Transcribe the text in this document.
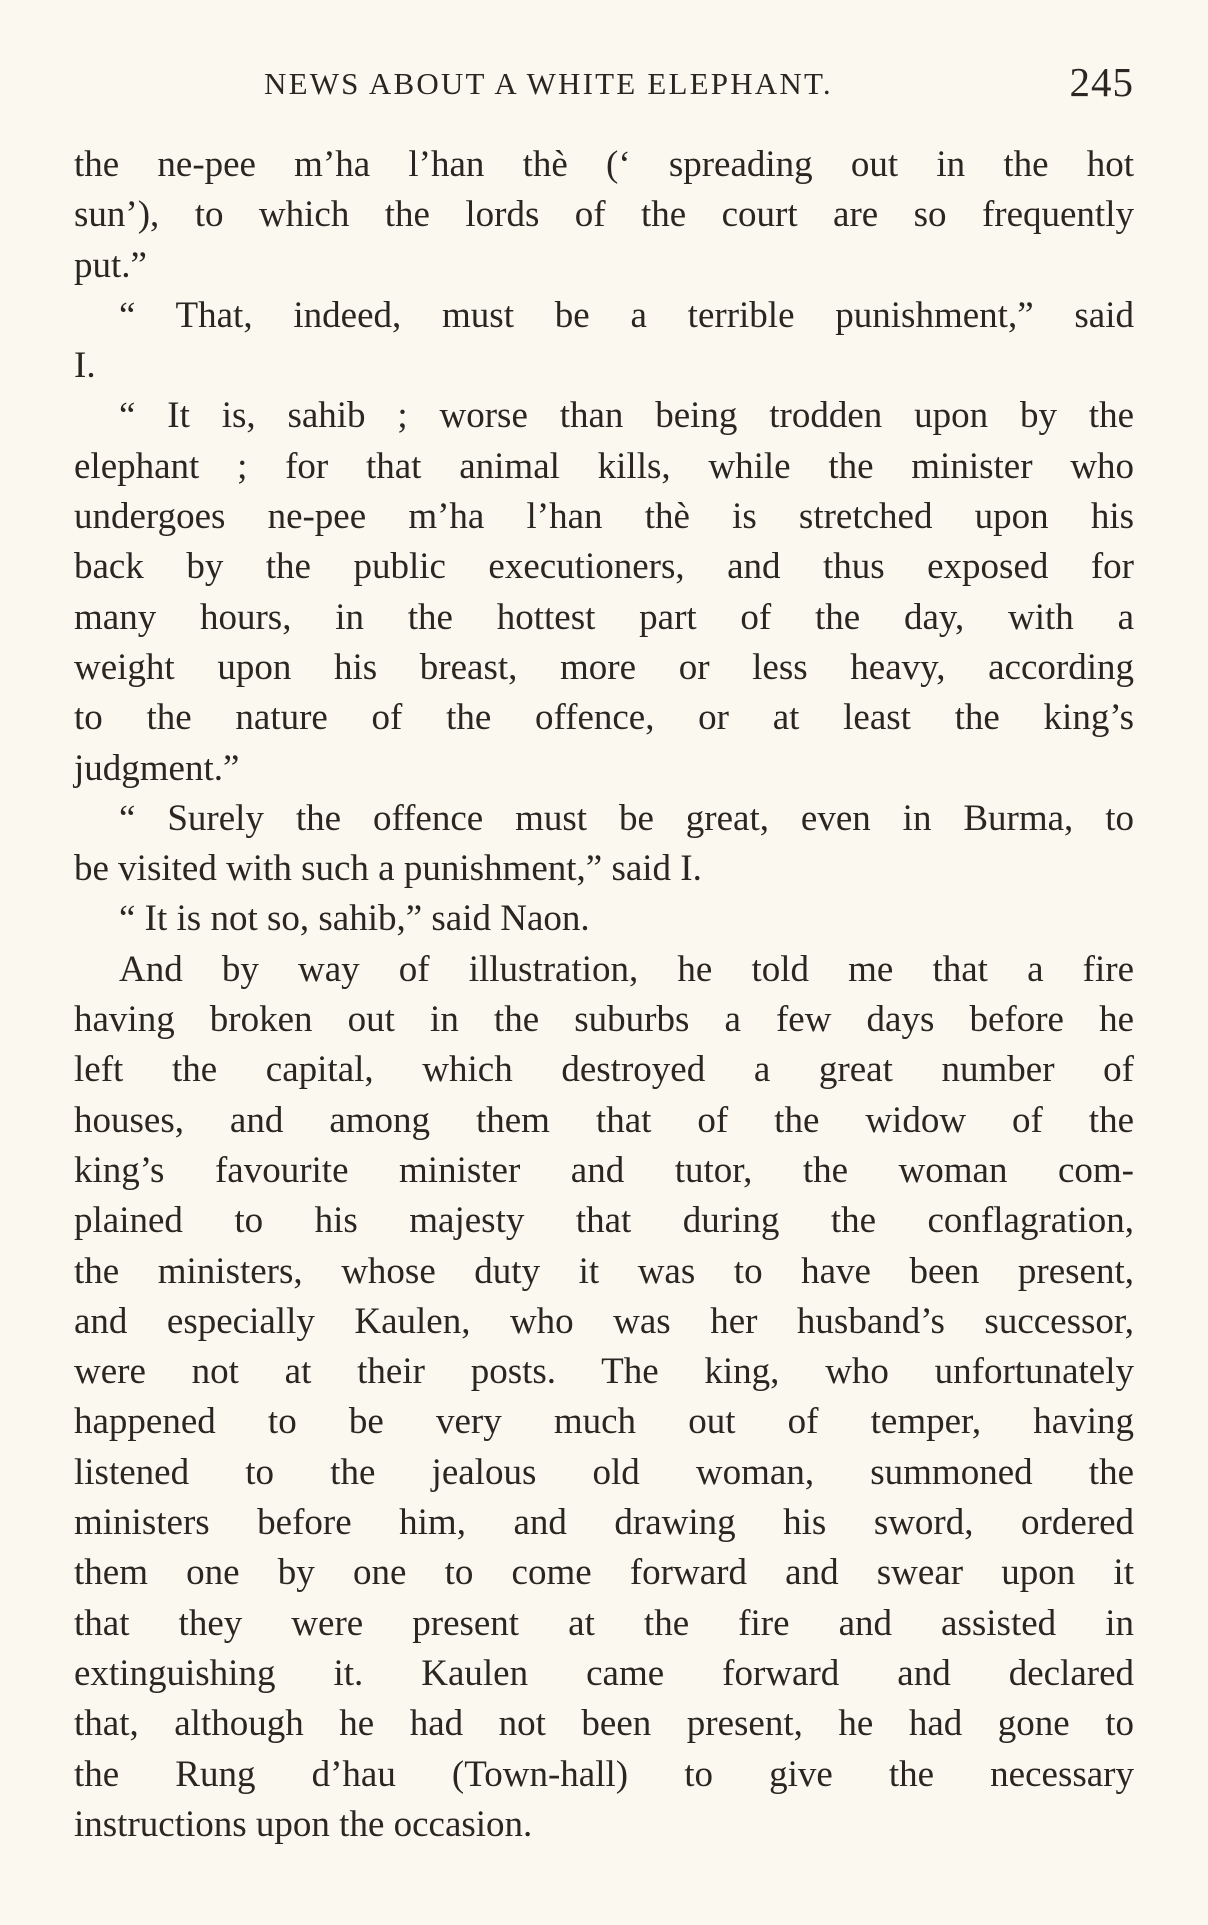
NEWS ABOUT A WHITE ELEPHANT.	245
the ne-pee m’ha l’han thè (‘ spreading out in the hot
sun’), to which the lords of the court are so frequently
put.”
“ That, indeed, must be a terrible punishment,” said
I.
“ It is, sahib ; worse than being trodden upon by the
elephant ; for that animal kills, while the minister who
undergoes ne-pee m’ha l’han thè is stretched upon his
back by the public executioners, and thus exposed for
many hours, in the hottest part of the day, with a
weight upon his breast, more or less heavy, according
to the nature of the offence, or at least the king’s
judgment.”
“ Surely the offence must be great, even in Burma, to
be visited with such a punishment,” said I.
“ It is not so, sahib,” said Naon.
And by way of illustration, he told me that a fire
having broken out in the suburbs a few days before he
left the capital, which destroyed a great number of
houses, and among them that of the widow of the
king’s favourite minister and tutor, the woman com-
plained to his majesty that during the conflagration,
the ministers, whose duty it was to have been present,
and especially Kaulen, who was her husband’s successor,
were not at their posts. The king, who unfortunately
happened to be very much out of temper, having
listened to the jealous old woman, summoned the
ministers before him, and drawing his sword, ordered
them one by one to come forward and swear upon it
that they were present at the fire and assisted in
extinguishing it. Kaulen came forward and declared
that, although he had not been present, he had gone to
the Rung d’hau (Town-hall) to give the necessary
instructions upon the occasion.
